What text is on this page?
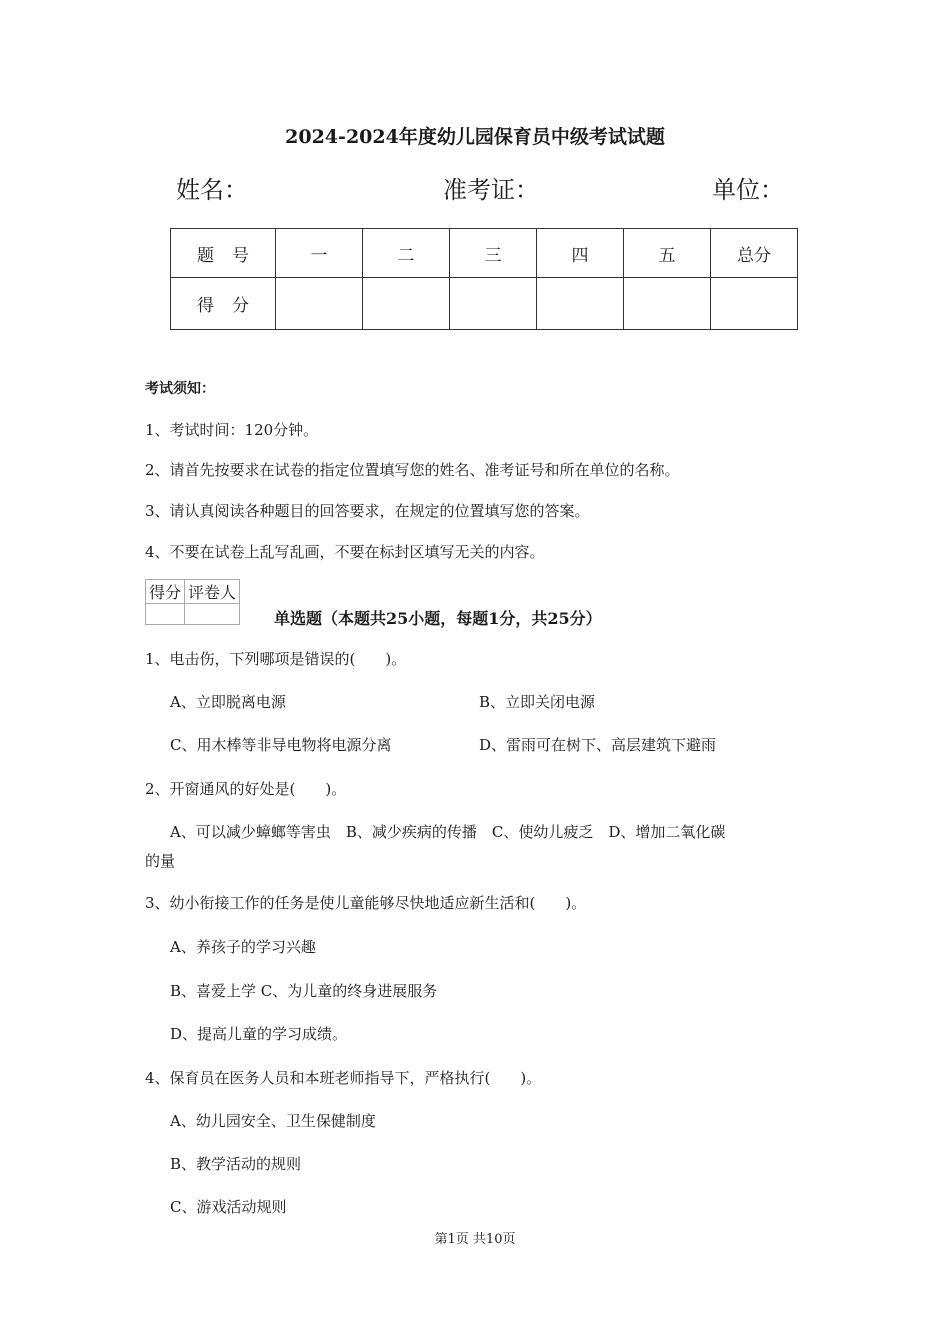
2024-2024年度幼儿园保育员中级考试试题
姓名：	准考证：	单位：
题号	一	二	三	四	五	总分
得分						
考试须知：
1、考试时间：120分钟。
2、请首先按要求在试卷的指定位置填写您的姓名、准考证号和所在单位的名称。
3、请认真阅读各种题目的回答要求，在规定的位置填写您的答案。
4、不要在试卷上乱写乱画，不要在标封区填写无关的内容。
得分	评卷人

单选题（本题共25小题，每题1分，共25分）
1、电击伤，下列哪项是错误的(　　)。
A、立即脱离电源	B、立即关闭电源
C、用木棒等非导电物将电源分离	D、雷雨可在树下、高层建筑下避雨
2、开窗通风的好处是(　　)。
A、可以减少蟑螂等害虫　B、减少疾病的传播　C、使幼儿疲乏　D、增加二氧化碳
的量
3、幼小衔接工作的任务是使儿童能够尽快地适应新生活和(　　)。
A、养孩子的学习兴趣
B、喜爱上学 C、为儿童的终身进展服务
D、提高儿童的学习成绩。
4、保育员在医务人员和本班老师指导下，严格执行(　　)。
A、幼儿园安全、卫生保健制度
B、教学活动的规则
C、游戏活动规则
第1页 共10页
